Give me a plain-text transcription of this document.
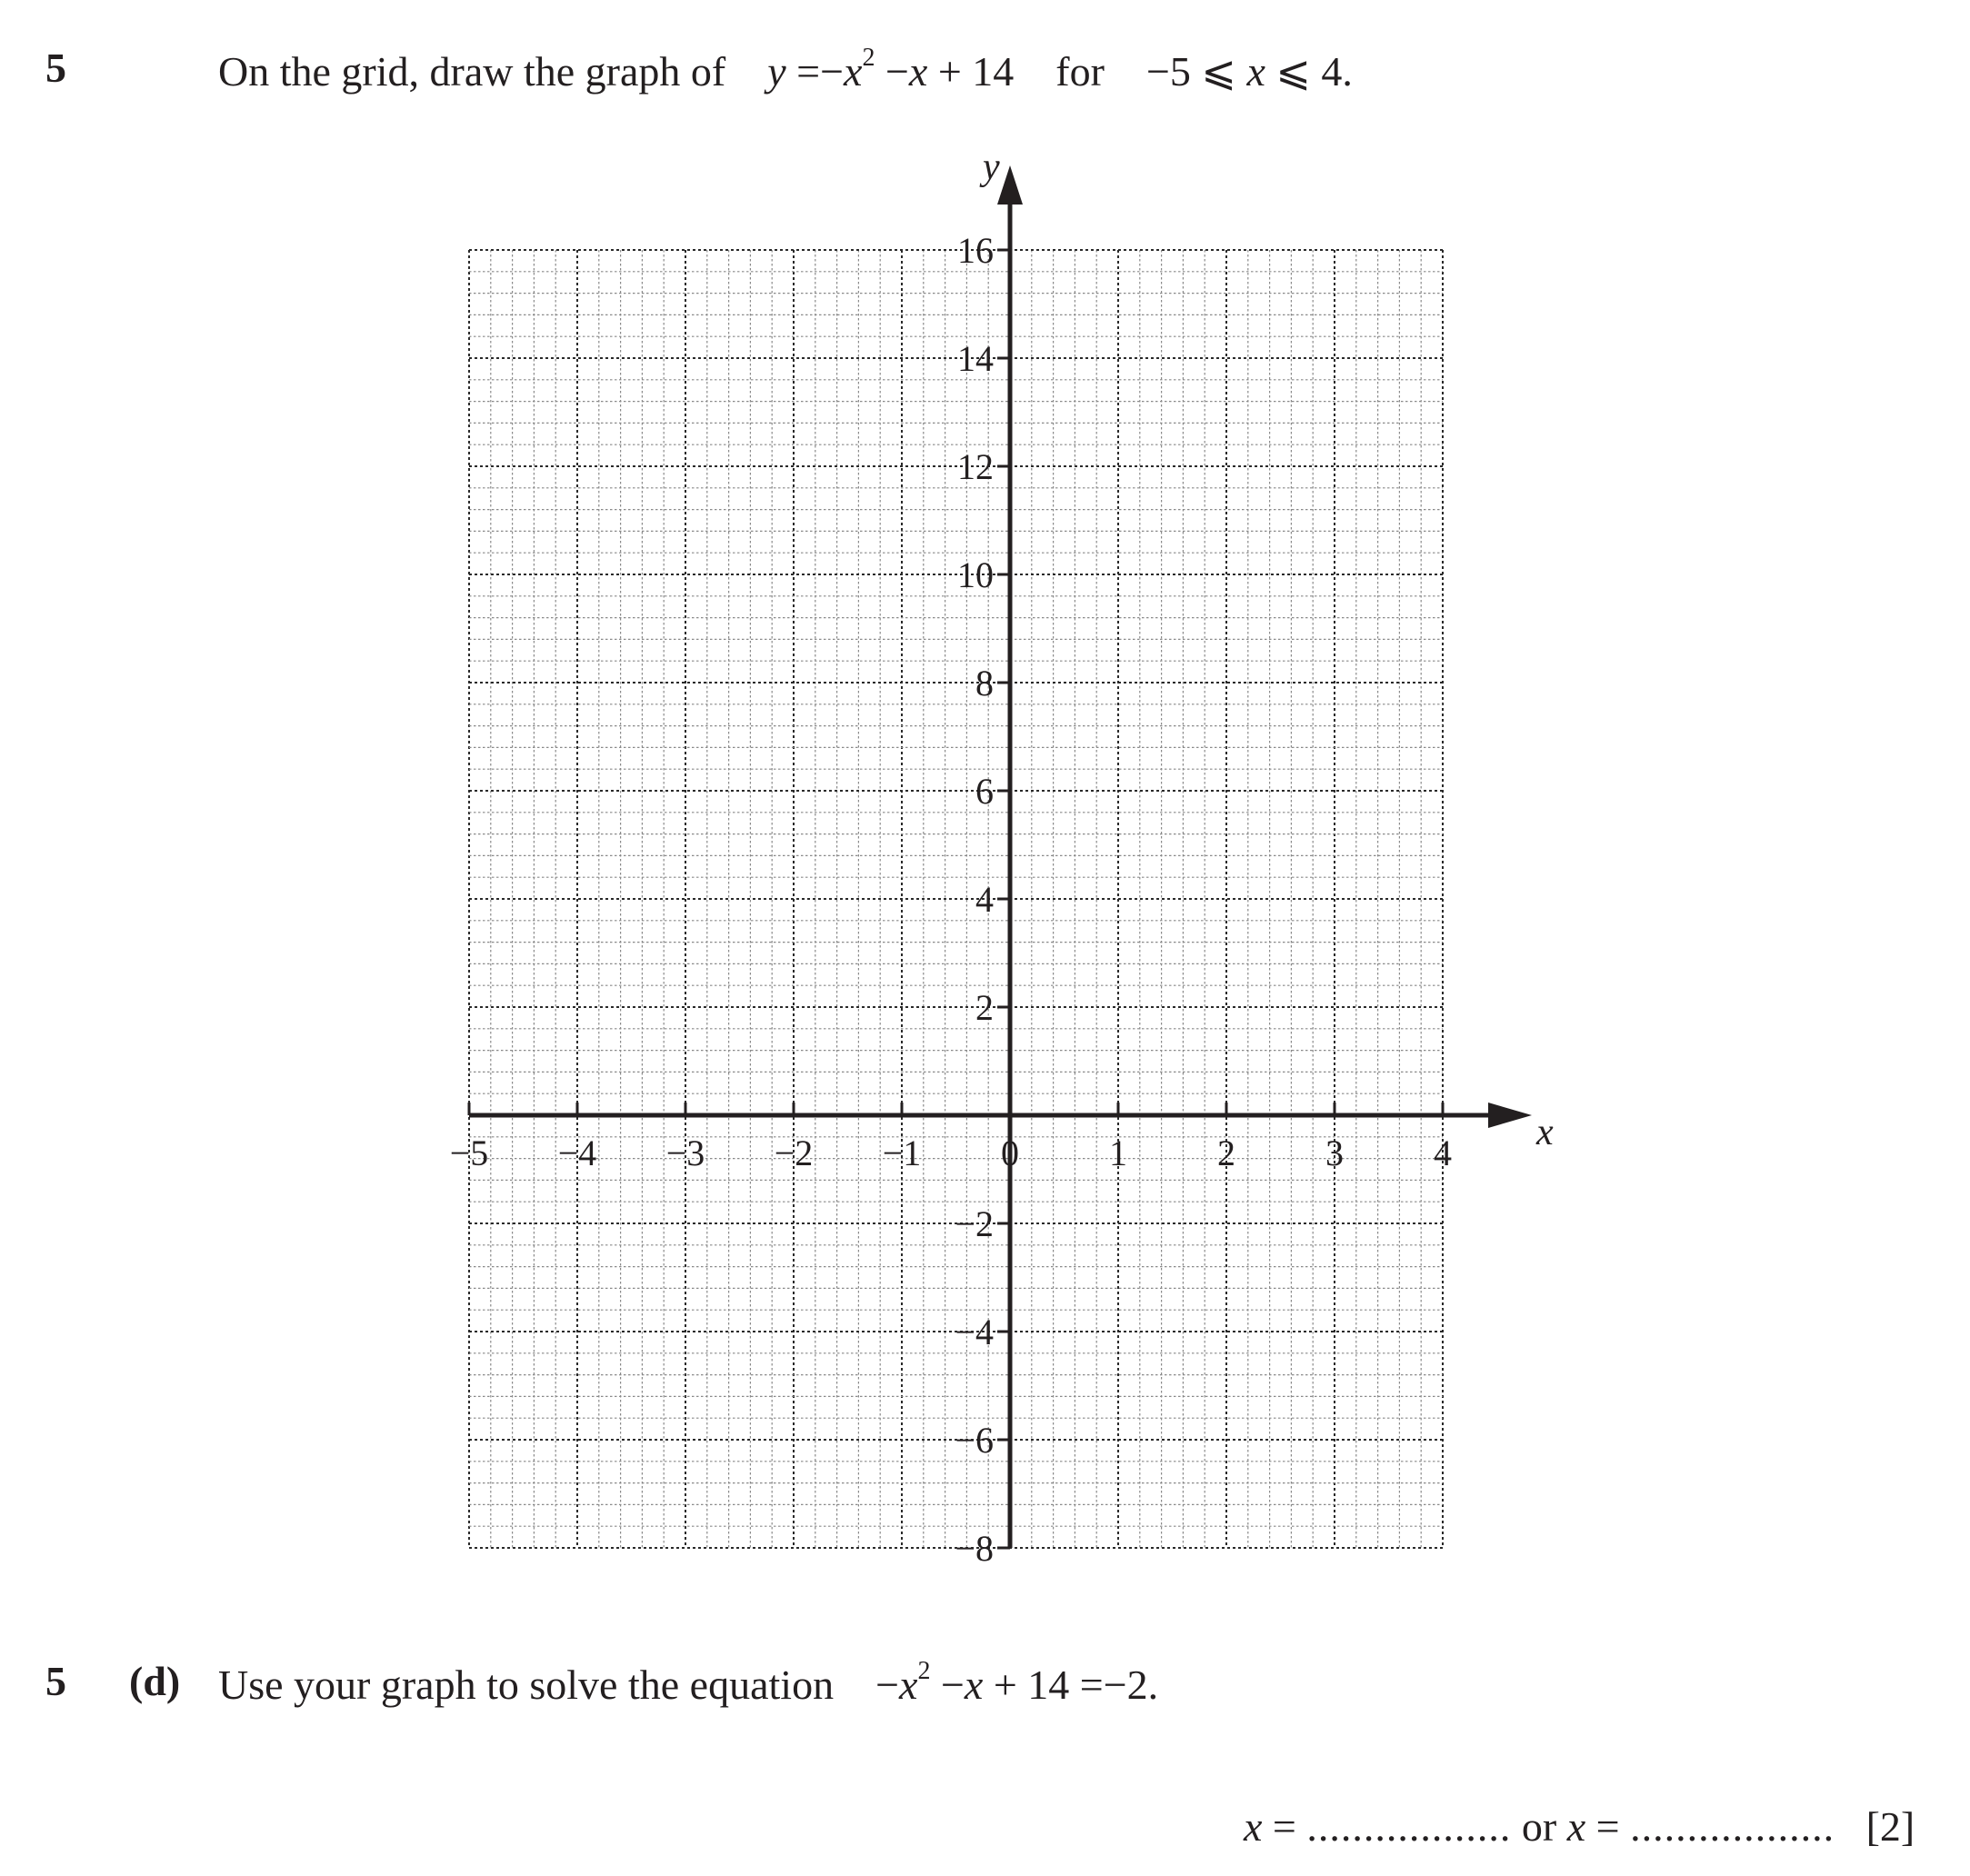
5	On the grid, draw the graph of $y =-x^2 -x + 14$ for −5 ⩽ x ⩽ 4.
−5 −4 −3 −2 −1 0 1 2 3 4
16
14
12
10
8
6
4
2
−2
−4
−6
−8
x
y
5 (d) Use your graph to solve the equation $-x^2 -x + 14 =-2$.
x = .................. or x = .................. [2]
